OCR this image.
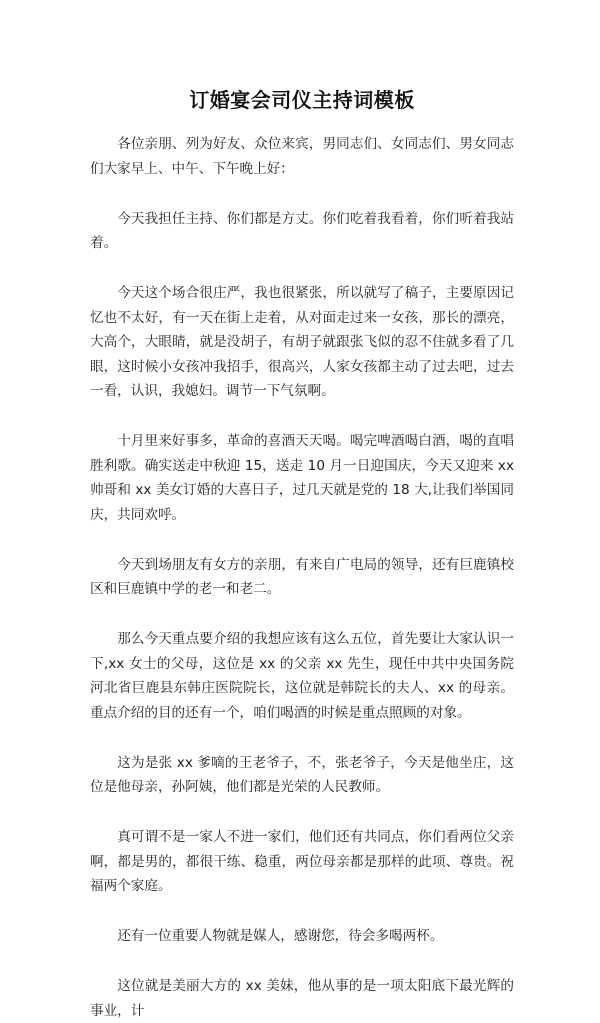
订婚宴会司仪主持词模板

各位亲朋、列为好友、众位来宾，男同志们、女同志们、男女同志们大家早上、中午、下午晚上好：

今天我担任主持、你们都是方丈。你们吃着我看着，你们听着我站着。

今天这个场合很庄严，我也很紧张，所以就写了稿子，主要原因记忆也不太好，有一天在街上走着，从对面走过来一女孩，那长的漂亮，大高个，大眼睛，就是没胡子，有胡子就跟张飞似的忍不住就多看了几眼，这时候小女孩冲我招手，很高兴，人家女孩都主动了过去吧，过去一看，认识，我媳妇。调节一下气氛啊。

十月里来好事多，革命的喜酒天天喝。喝完啤酒喝白酒，喝的直唱胜利歌。确实送走中秋迎 15，送走 10 月一日迎国庆，今天又迎来 xx 帅哥和 xx 美女订婚的大喜日子，过几天就是党的 18 大,让我们举国同庆，共同欢呼。

今天到场朋友有女方的亲朋，有来自广电局的领导，还有巨鹿镇校区和巨鹿镇中学的老一和老二。

那么今天重点要介绍的我想应该有这么五位，首先要让大家认识一下,xx 女士的父母，这位是 xx 的父亲 xx 先生，现任中共中央国务院河北省巨鹿县东韩庄医院院长，这位就是韩院长的夫人、xx 的母亲。重点介绍的目的还有一个，咱们喝酒的时候是重点照顾的对象。

这为是张 xx 爹嘀的王老爷子，不，张老爷子，今天是他坐庄，这位是他母亲，孙阿姨，他们都是光荣的人民教师。

真可谓不是一家人不进一家们，他们还有共同点，你们看两位父亲啊，都是男的，都很干练、稳重，两位母亲都是那样的此项、尊贵。祝福两个家庭。

还有一位重要人物就是媒人，感谢您，待会多喝两杯。

这位就是美丽大方的 xx 美妹，他从事的是一项太阳底下最光辉的事业，计
